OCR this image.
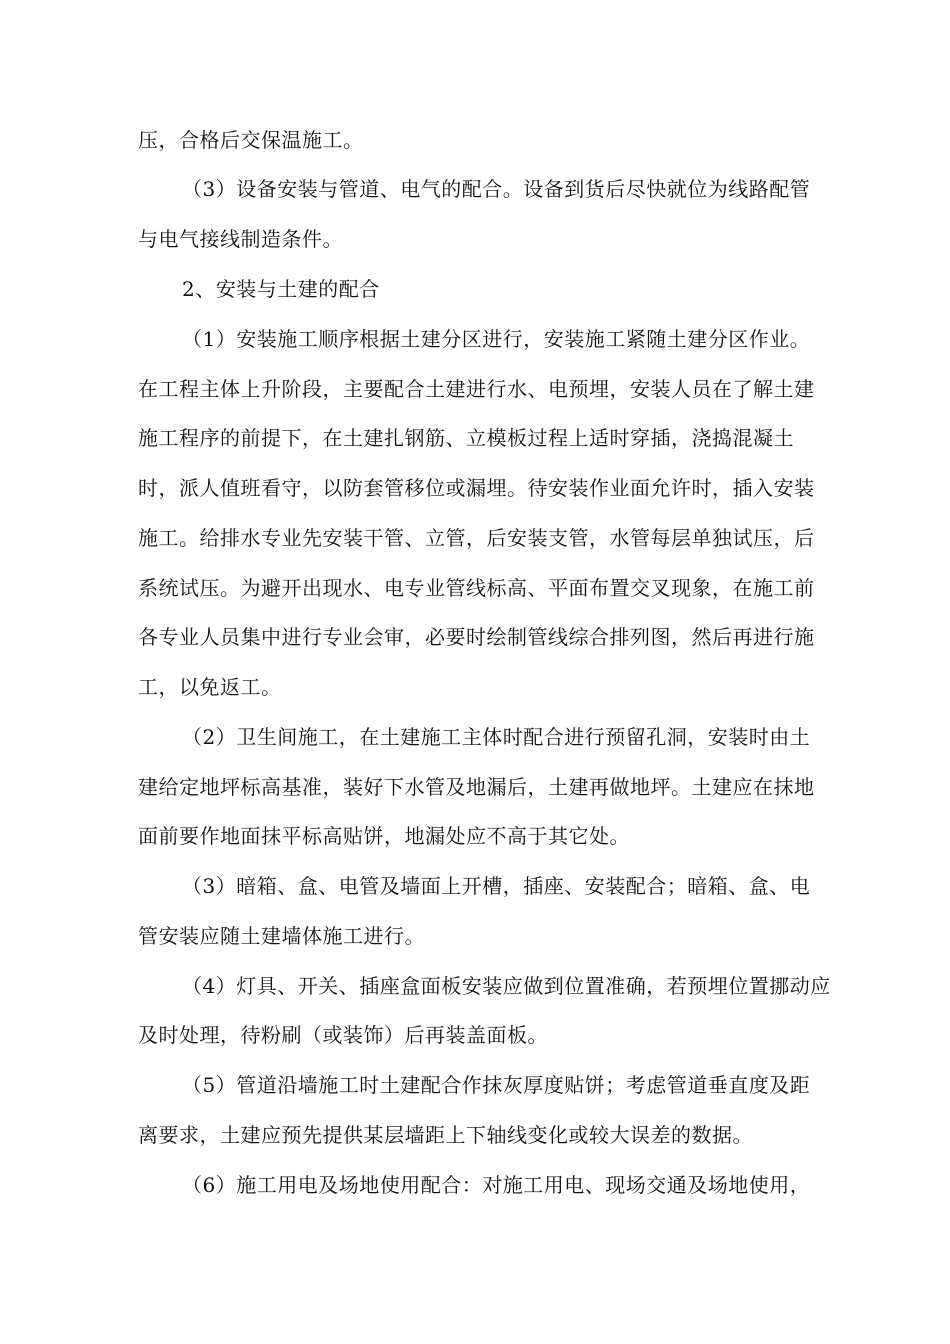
压，合格后交保温施工。
（3）设备安装与管道、电气的配合。设备到货后尽快就位为线路配管
与电气接线制造条件。
2、安装与土建的配合
（1）安装施工顺序根据土建分区进行，安装施工紧随土建分区作业。
在工程主体上升阶段，主要配合土建进行水、电预埋，安装人员在了解土建
施工程序的前提下，在土建扎钢筋、立模板过程上适时穿插，浇捣混凝土
时，派人值班看守，以防套管移位或漏埋。待安装作业面允许时，插入安装
施工。给排水专业先安装干管、立管，后安装支管，水管每层单独试压，后
系统试压。为避开出现水、电专业管线标高、平面布置交叉现象，在施工前
各专业人员集中进行专业会审，必要时绘制管线综合排列图，然后再进行施
工，以免返工。
（2）卫生间施工，在土建施工主体时配合进行预留孔洞，安装时由土
建给定地坪标高基准，装好下水管及地漏后，土建再做地坪。土建应在抹地
面前要作地面抹平标高贴饼，地漏处应不高于其它处。
（3）暗箱、盒、电管及墙面上开槽，插座、安装配合；暗箱、盒、电
管安装应随土建墙体施工进行。
（4）灯具、开关、插座盒面板安装应做到位置准确，若预埋位置挪动应
及时处理，待粉刷（或装饰）后再装盖面板。
（5）管道沿墙施工时土建配合作抹灰厚度贴饼；考虑管道垂直度及距
离要求，土建应预先提供某层墙距上下轴线变化或较大误差的数据。
（6）施工用电及场地使用配合：对施工用电、现场交通及场地使用，
